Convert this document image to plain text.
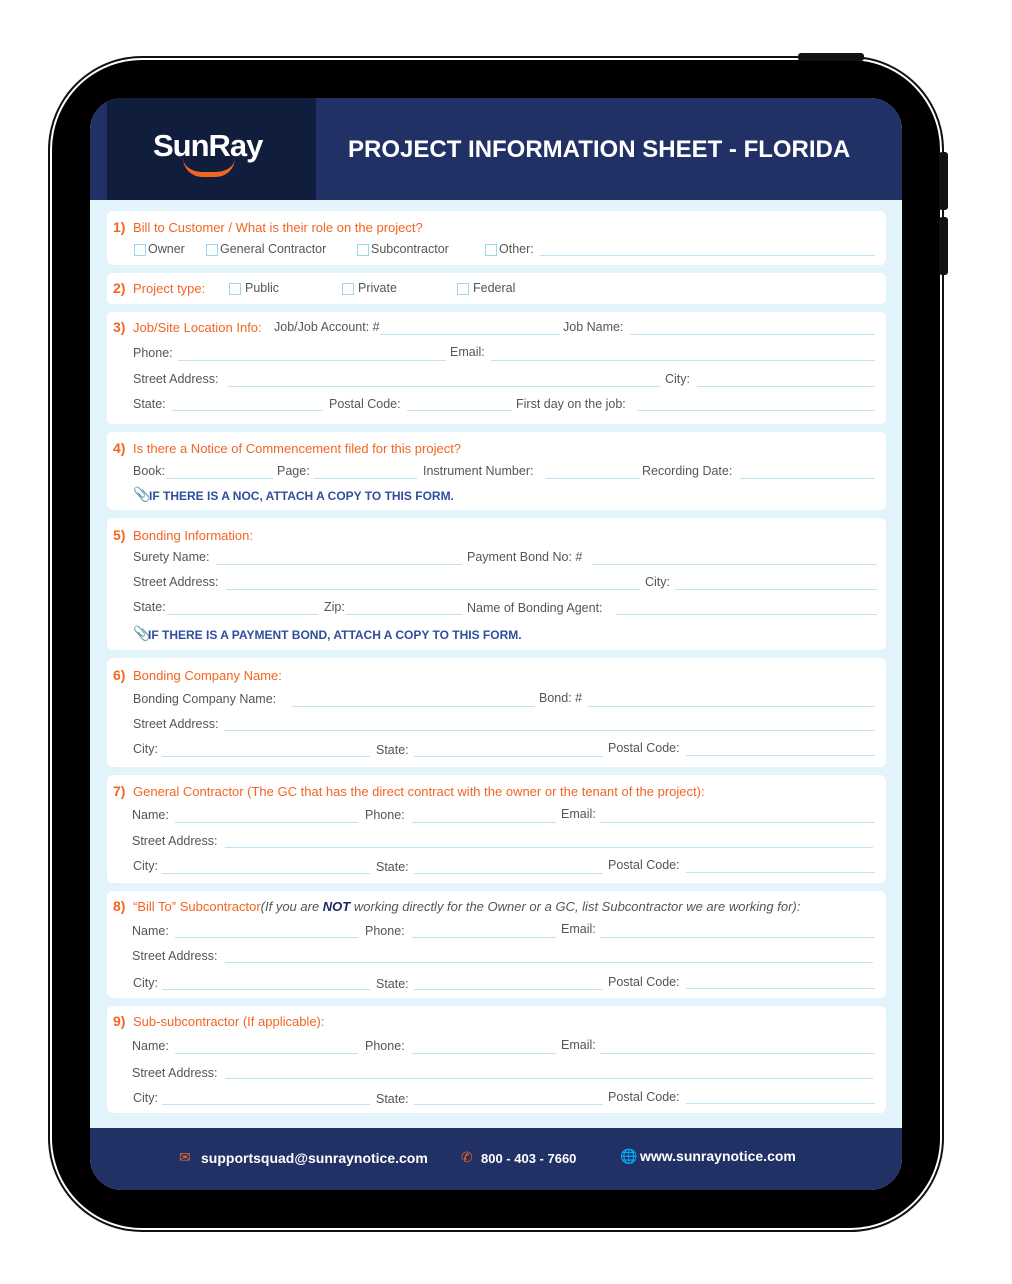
SunRay	PROJECT INFORMATION SHEET - FLORIDA
1) Bill to Customer / What is their role on the project?
Owner	General Contractor	Subcontractor	Other:
2) Project type:	Public	Private	Federal
3) Job/Site Location Info: Job/Job Account: #	Job Name:
Phone:	Email:
Street Address:	City:
State:	Postal Code:	First day on the job:
4) Is there a Notice of Commencement filed for this project?
Book:	Page:	Instrument Number:	Recording Date:
📎
IF THERE IS A NOC, ATTACH A COPY TO THIS FORM.
5) Bonding Information:
Surety Name:	Payment Bond No: #
Street Address:	City:
State:	Zip:	Name of Bonding Agent:
📎
IF THERE IS A PAYMENT BOND, ATTACH A COPY TO THIS FORM.
6) Bonding Company Name:
Bonding Company Name:	Bond: #
Street Address:
City:	State:	Postal Code:
7) General Contractor (The GC that has the direct contract with the owner or the tenant of the project):
Name:	Phone:	Email:
Street Address:
City:	State:	Postal Code:
8) “Bill To” Subcontractor(If you are NOT working directly for the Owner or a GC, list Subcontractor we are working for):
Name:	Phone:	Email:
Street Address:
City:	State:	Postal Code:
9) Sub-subcontractor (If applicable):
Name:	Phone:	Email:
Street Address:
City:	State:	Postal Code:
✉ supportsquad@sunraynotice.com ✆ 800 - 403 - 7660	🌐 www.sunraynotice.com
